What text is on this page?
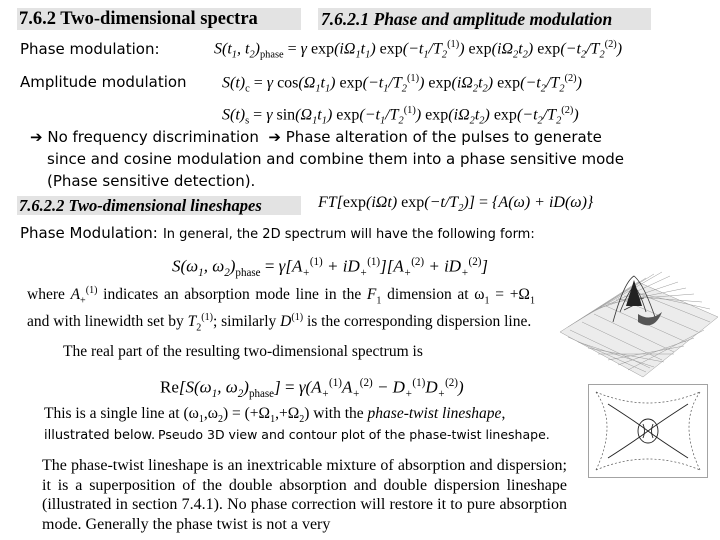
7.6.2 Two-dimensional spectra	7.6.2.1 Phase and amplitude modulation
Phase modulation:	$S(t_1$, $t_2)_{phase} = \gamma$ $\exp(i\Omega_1t_1)$ $\exp(-t_1/T_2^{(1)})$ $\exp(i\Omega_2t_2)$ $\exp(-t_2/T_2^{(2)})$
Amplitude modulation $S(t)_c = \gamma$ $\cos(\Omega_1t_1)$ $\exp(-t_1/T_2^{(1)})$ $\exp(i\Omega_2t_2)$ $\exp(-t_2/T_2^{(2)})$
$S(t)_s = \gamma$ $\sin(\Omega_1t_1)$ $\exp(-t_1/T_2^{(1)})$ $\exp(i\Omega_2t_2)$ $\exp(-t_2/T_2^{(2)})$
➔ No frequency discrimination ➔ Phase alteration of the pulses to generate
since and cosine modulation and combine them into a phase sensitive mode
(Phase sensitive detection).
7.6.2.2 Two-dimensional lineshapes	FT[exp(iΩt) $\exp(-t/T_2)] = \{A(\omega) + iD(\omega)\}$
Phase Modulation: In general, the 2D spectrum will have the following form:
$S(\omega_1$, $\omega_2)_{phase} = \gamma[A_+^{(1)} + iD_+^{(1)}][A_+^{(2)} + iD_+^{(2)}]$
where $A_+^{(1)}$ indicates an absorption mode line in the $F_1$ dimension at $\omega_1 = +\Omega_1$ and with linewidth set by $T_2^{(1)}$; similarly $D^{(1)}$ is the corresponding dispersion line.
The real part of the resulting two-dimensional spectrum is
$Re[S(\omega_1$, $\omega_2)_{phase}] = \gamma(A_+^{(1)}A_+^{(2)} - D_+^{(1)}D_+^{(2)})$
This is a single line at $(\omega_1,\omega_2) = (+\Omega_1,+\Omega_2)$ with the phase-twist lineshape,
illustrated below. Pseudo 3D view and contour plot of the phase-twist lineshape.
The phase-twist lineshape is an inextricable mixture of absorption and dispersion; it is a superposition of the double absorption and double dispersion lineshape (illustrated in section 7.4.1). No phase correction will restore it to pure absorption mode. Generally the phase twist is not a very
